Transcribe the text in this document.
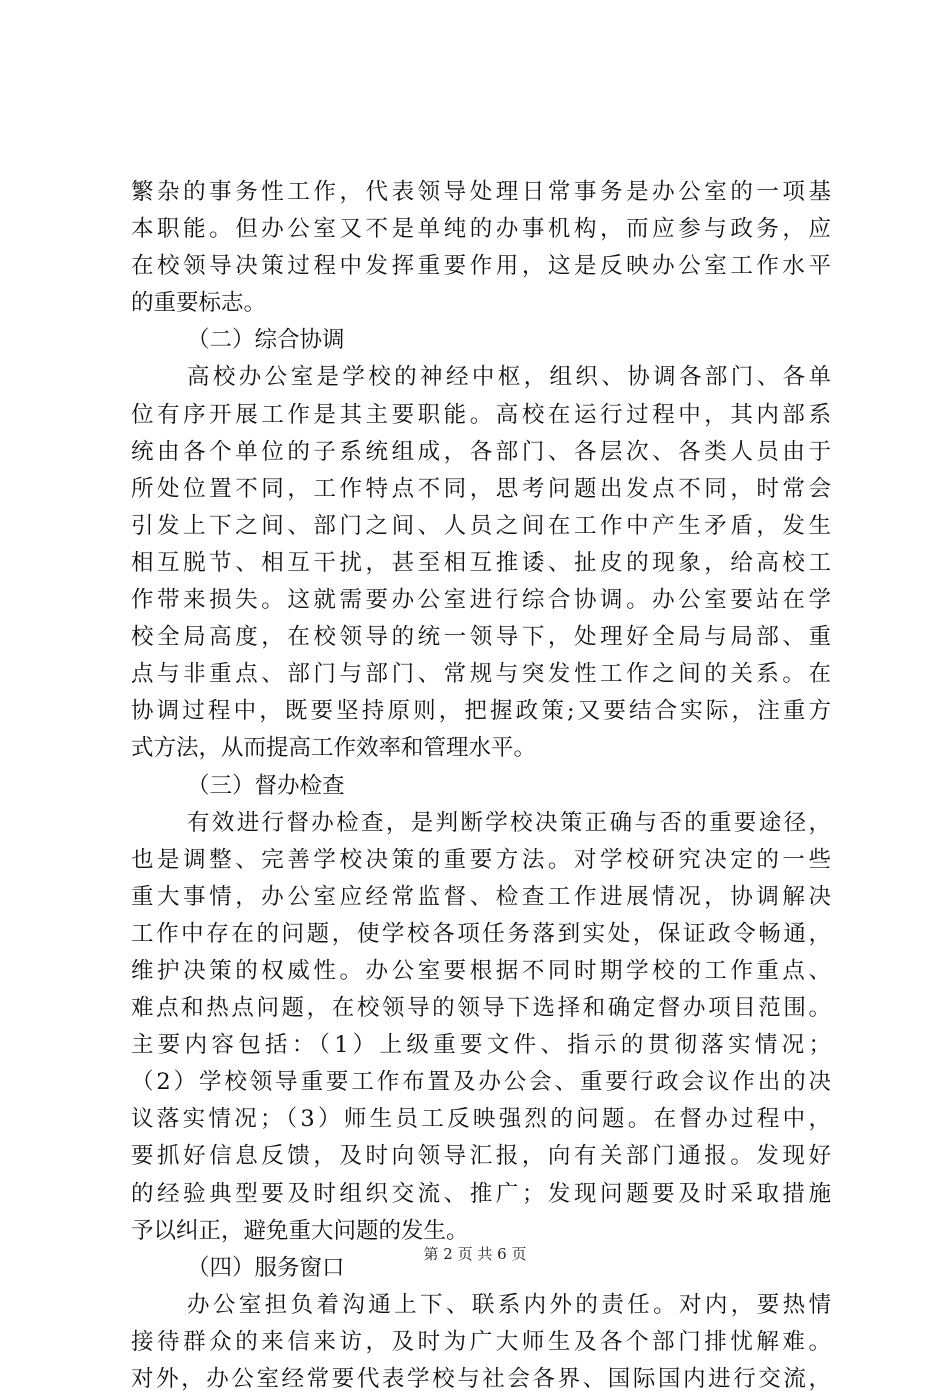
繁杂的事务性工作，代表领导处理日常事务是办公室的一项基
本职能。但办公室又不是单纯的办事机构，而应参与政务，应
在校领导决策过程中发挥重要作用，这是反映办公室工作水平
的重要标志。
（二）综合协调
高校办公室是学校的神经中枢，组织、协调各部门、各单
位有序开展工作是其主要职能。高校在运行过程中，其内部系
统由各个单位的子系统组成，各部门、各层次、各类人员由于
所处位置不同，工作特点不同，思考问题出发点不同，时常会
引发上下之间、部门之间、人员之间在工作中产生矛盾，发生
相互脱节、相互干扰，甚至相互推诿、扯皮的现象，给高校工
作带来损失。这就需要办公室进行综合协调。办公室要站在学
校全局高度，在校领导的统一领导下，处理好全局与局部、重
点与非重点、部门与部门、常规与突发性工作之间的关系。在
协调过程中，既要坚持原则，把握政策;又要结合实际，注重方
式方法，从而提高工作效率和管理水平。
（三）督办检查
有效进行督办检查，是判断学校决策正确与否的重要途径，
也是调整、完善学校决策的重要方法。对学校研究决定的一些
重大事情，办公室应经常监督、检查工作进展情况，协调解决
工作中存在的问题，使学校各项任务落到实处，保证政令畅通，
维护决策的权威性。办公室要根据不同时期学校的工作重点、
难点和热点问题，在校领导的领导下选择和确定督办项目范围。
主要内容包括：（1）上级重要文件、指示的贯彻落实情况；
（2）学校领导重要工作布置及办公会、重要行政会议作出的决
议落实情况；（3）师生员工反映强烈的问题。在督办过程中，
要抓好信息反馈，及时向领导汇报，向有关部门通报。发现好
的经验典型要及时组织交流、推广；发现问题要及时采取措施
予以纠正，避免重大问题的发生。
（四）服务窗口
办公室担负着沟通上下、联系内外的责任。对内，要热情
接待群众的来信来访，及时为广大师生及各个部门排忧解难。
对外，办公室经常要代表学校与社会各界、国际国内进行交流，
第 2 页 共 6 页
